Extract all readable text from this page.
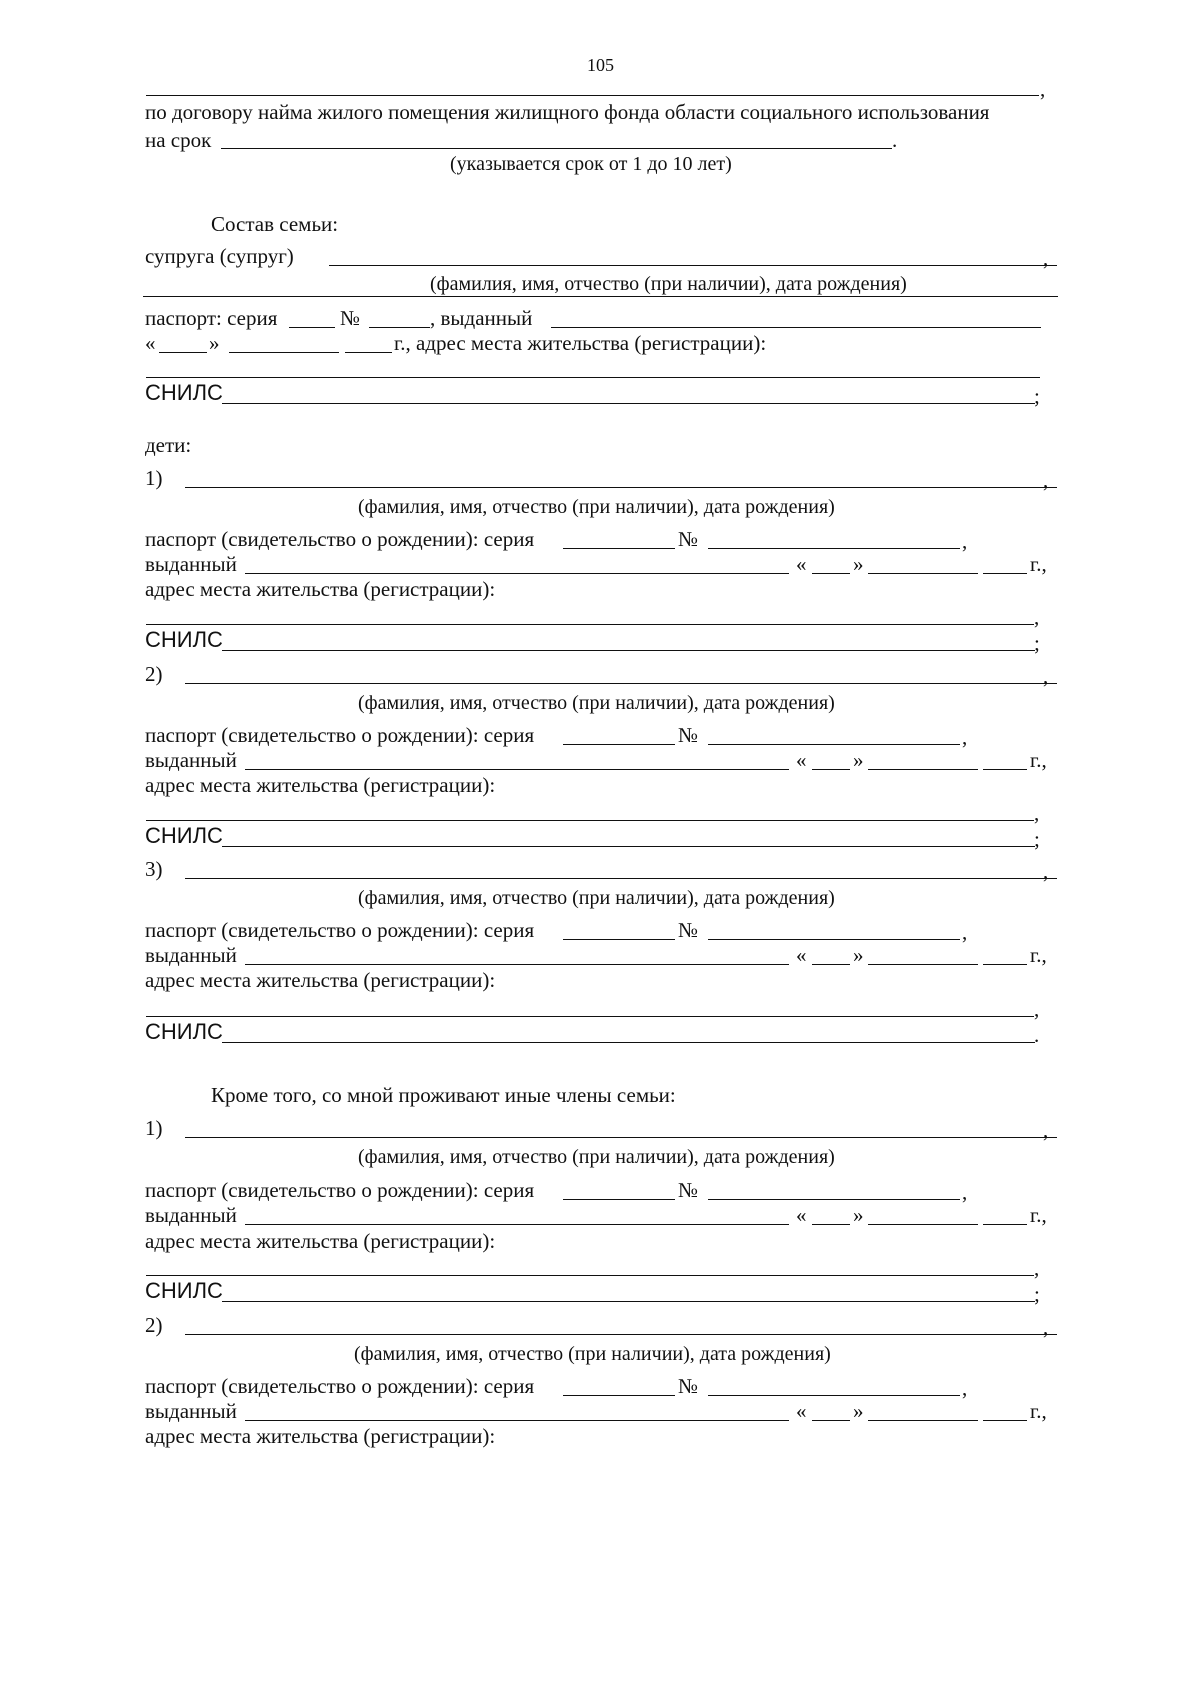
105
,
по договору найма жилого помещения жилищного фонда области социального использования
на срок	.
(указывается срок от 1 до 10 лет)
Состав семьи:
супруга (супруг)	,
(фамилия, имя, отчество (при наличии), дата рождения)
паспорт: серия	№	, выданный
«	»	г., адрес места жительства (регистрации):
СНИЛС	;
дети:
1)	,
(фамилия, имя, отчество (при наличии), дата рождения)
паспорт (свидетельство о рождении): серия	№	,
выданный	« »	г.,
адрес места жительства (регистрации):
,
СНИЛС	;
2)	,
(фамилия, имя, отчество (при наличии), дата рождения)
паспорт (свидетельство о рождении): серия	№	,
выданный	« »	г.,
адрес места жительства (регистрации):
,
СНИЛС	;
3)	,
(фамилия, имя, отчество (при наличии), дата рождения)
паспорт (свидетельство о рождении): серия	№	,
выданный	« »	г.,
адрес места жительства (регистрации):
,
СНИЛС	.
Кроме того, со мной проживают иные члены семьи:
1)	,
(фамилия, имя, отчество (при наличии), дата рождения)
паспорт (свидетельство о рождении): серия	№	,
выданный	« »	г.,
адрес места жительства (регистрации):
,
СНИЛС	;
2)	,
(фамилия, имя, отчество (при наличии), дата рождения)
паспорт (свидетельство о рождении): серия	№	,
выданный	« »	г.,
адрес места жительства (регистрации):
